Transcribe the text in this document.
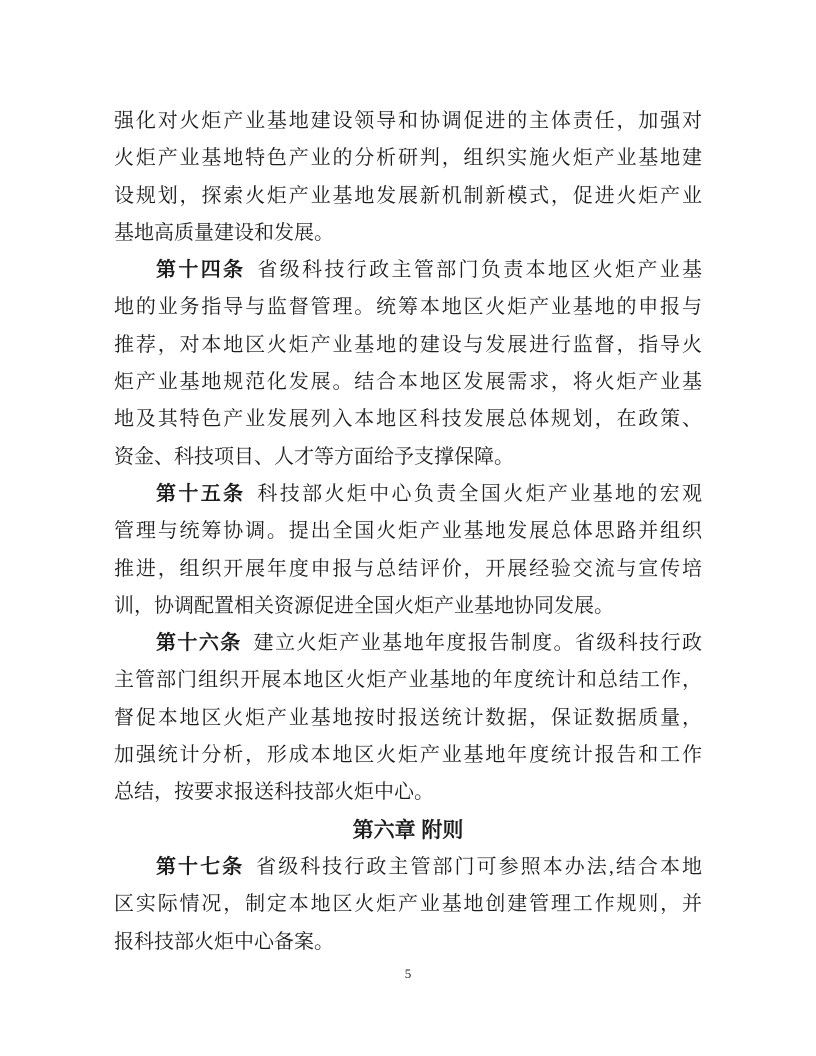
强化对火炬产业基地建设领导和协调促进的主体责任，加强对
火炬产业基地特色产业的分析研判，组织实施火炬产业基地建
设规划，探索火炬产业基地发展新机制新模式，促进火炬产业
基地高质量建设和发展。
第十四条 省级科技行政主管部门负责本地区火炬产业基
地的业务指导与监督管理。统筹本地区火炬产业基地的申报与
推荐，对本地区火炬产业基地的建设与发展进行监督，指导火
炬产业基地规范化发展。结合本地区发展需求，将火炬产业基
地及其特色产业发展列入本地区科技发展总体规划，在政策、
资金、科技项目、人才等方面给予支撑保障。
第十五条 科技部火炬中心负责全国火炬产业基地的宏观
管理与统筹协调。提出全国火炬产业基地发展总体思路并组织
推进，组织开展年度申报与总结评价，开展经验交流与宣传培
训，协调配置相关资源促进全国火炬产业基地协同发展。
第十六条 建立火炬产业基地年度报告制度。省级科技行政
主管部门组织开展本地区火炬产业基地的年度统计和总结工作，
督促本地区火炬产业基地按时报送统计数据，保证数据质量，
加强统计分析，形成本地区火炬产业基地年度统计报告和工作
总结，按要求报送科技部火炬中心。
第六章 附则
第十七条 省级科技行政主管部门可参照本办法,结合本地
区实际情况，制定本地区火炬产业基地创建管理工作规则，并
报科技部火炬中心备案。
5
